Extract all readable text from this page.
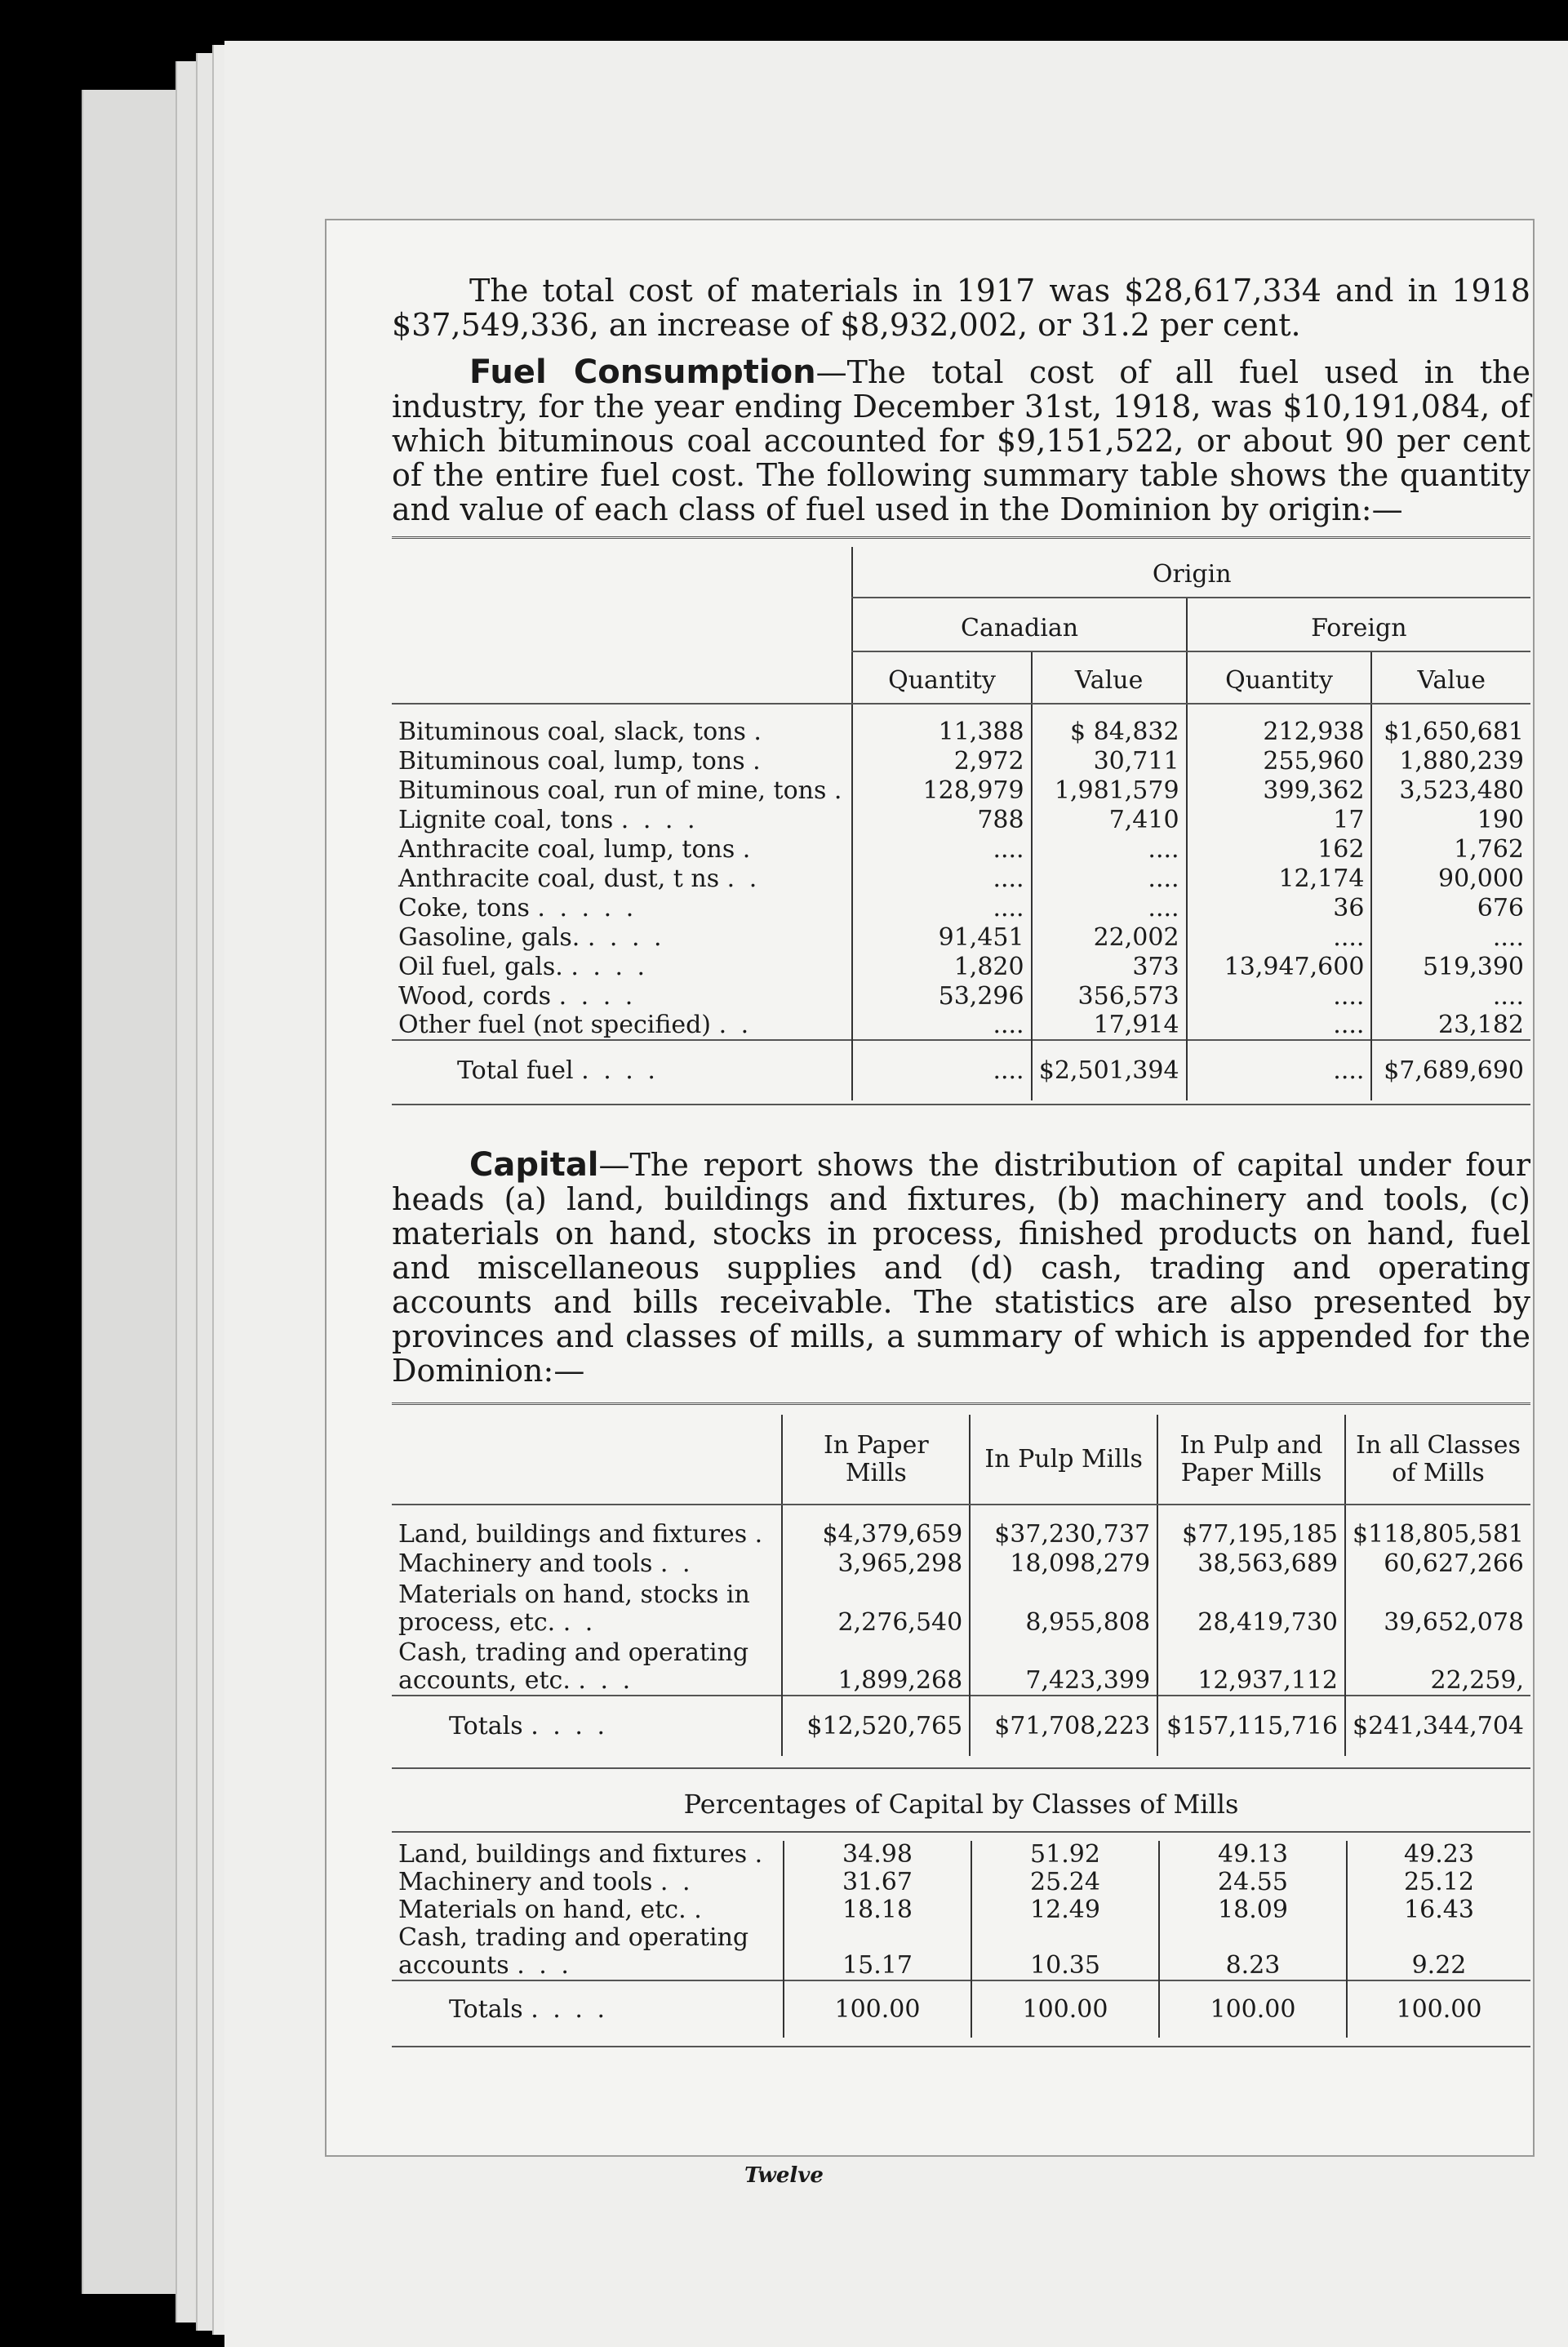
The total cost of materials in 1917 was $28,617,334 and in 1918 $37,549,336, an increase of $8,932,002, or 31.2 per cent.

Fuel Consumption—The total cost of all fuel used in the industry, for the year ending December 31st, 1918, was $10,191,084, of which bituminous coal accounted for $9,151,522, or about 90 per cent of the entire fuel cost. The following summary table shows the quantity and value of each class of fuel used in the Dominion by origin:—

	Origin			
	Canadian		Foreign	
	Quantity	Value	Quantity	Value
Bituminous coal, slack, tons .	11,388	$ 84,832	212,938	$1,650,681
Bituminous coal, lump, tons .	2,972	30,711	255,960	1,880,239
Bituminous coal, run of mine, tons .	128,979	1,981,579	399,362	3,523,480
Lignite coal, tons . . . .	788	7,410	17	190
Anthracite coal, lump, tons .	....	....	162	1,762
Anthracite coal, dust, t ns . .	....	....	12,174	90,000
Coke, tons . . . . .	....	....	36	676
Gasoline, gals. . . . .	91,451	22,002	....	....
Oil fuel, gals. . . . .	1,820	373	13,947,600	519,390
Wood, cords . . . .	53,296	356,573	....	....
Other fuel (not specified) . .	....	17,914	....	23,182
Total fuel . . . .	....	$2,501,394	....	$7,689,690

Capital—The report shows the distribution of capital under four heads (a) land, buildings and fixtures, (b) machinery and tools, (c) materials on hand, stocks in process, finished products on hand, fuel and miscellaneous supplies and (d) cash, trading and operating accounts and bills receivable. The statistics are also presented by provinces and classes of mills, a summary of which is appended for the Dominion:—

	In Paper Mills	In Pulp Mills	In Pulp and Paper Mills	In all Classes of Mills
Land, buildings and fixtures .	$4,379,659	$37,230,737	$77,195,185	$118,805,581
Machinery and tools . .	3,965,298	18,098,279	38,563,689	60,627,266
Materials on hand, stocks in process, etc. . .	2,276,540	8,955,808	28,419,730	39,652,078
Cash, trading and operating accounts, etc. . . .	1,899,268	7,423,399	12,937,112	22,259,
Totals . . . .	$12,520,765	$71,708,223	$157,115,716	$241,344,704
Percentages of Capital by Classes of Mills
Land, buildings and fixtures .	34.98	51.92	49.13	49.23
Machinery and tools . .	31.67	25.24	24.55	25.12
Materials on hand, etc. .	18.18	12.49	18.09	16.43
Cash, trading and operating accounts . . .	15.17	10.35	8.23	9.22
Totals . . . .	100.00	100.00	100.00	100.00
Twelve
